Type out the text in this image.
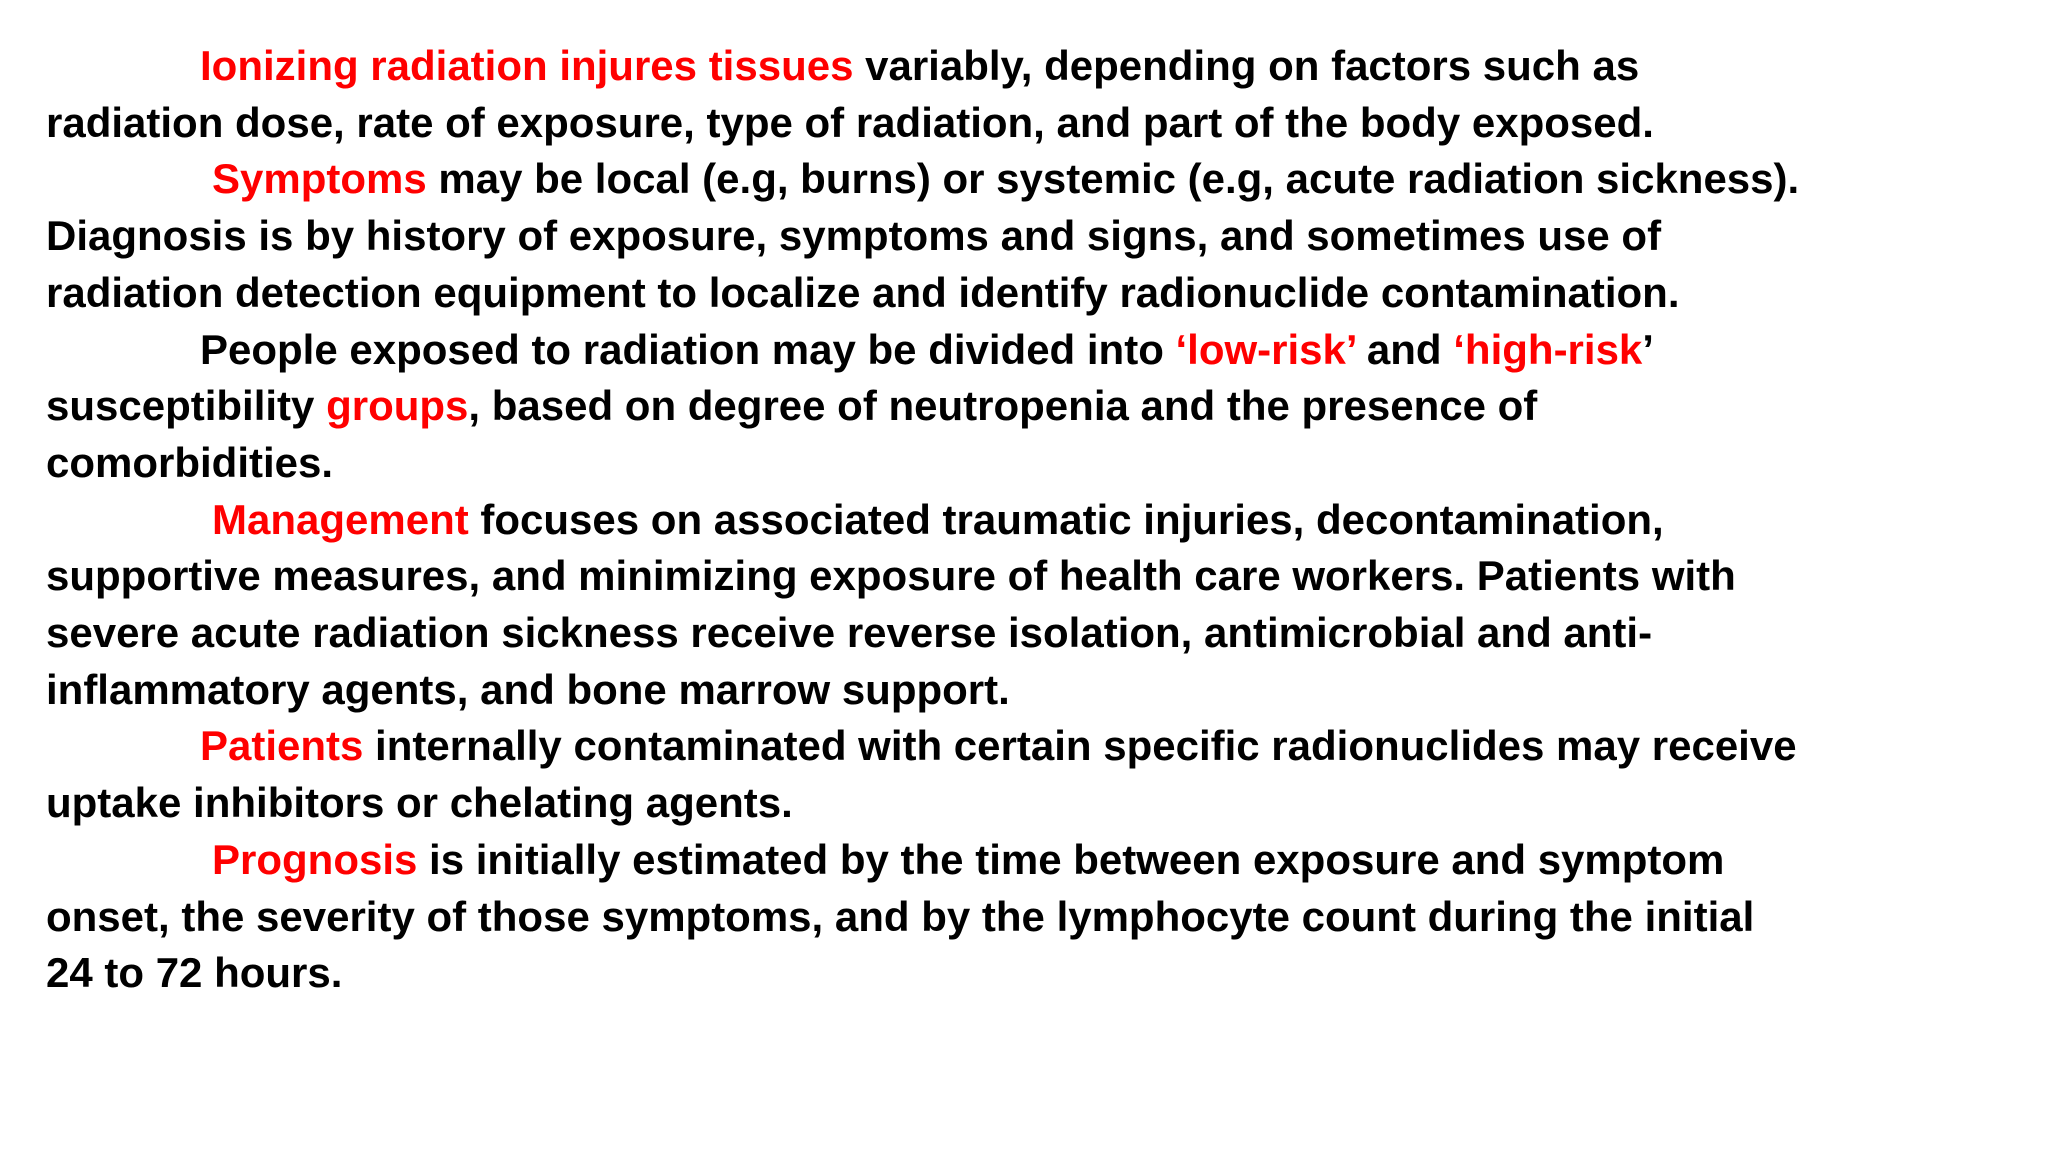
Ionizing radiation injures tissues variably, depending on factors such as
radiation dose, rate of exposure, type of radiation, and part of the body exposed.
Symptoms may be local (e.g, burns) or systemic (e.g, acute radiation sickness).
Diagnosis is by history of exposure, symptoms and signs, and sometimes use of
radiation detection equipment to localize and identify radionuclide contamination.
People exposed to radiation may be divided into ‘low-risk’ and ‘high-risk’
susceptibility groups, based on degree of neutropenia and the presence of
comorbidities.
Management focuses on associated traumatic injuries, decontamination,
supportive measures, and minimizing exposure of health care workers. Patients with
severe acute radiation sickness receive reverse isolation, antimicrobial and anti-
inflammatory agents, and bone marrow support.
Patients internally contaminated with certain specific radionuclides may receive
uptake inhibitors or chelating agents.
Prognosis is initially estimated by the time between exposure and symptom
onset, the severity of those symptoms, and by the lymphocyte count during the initial
24 to 72 hours.
